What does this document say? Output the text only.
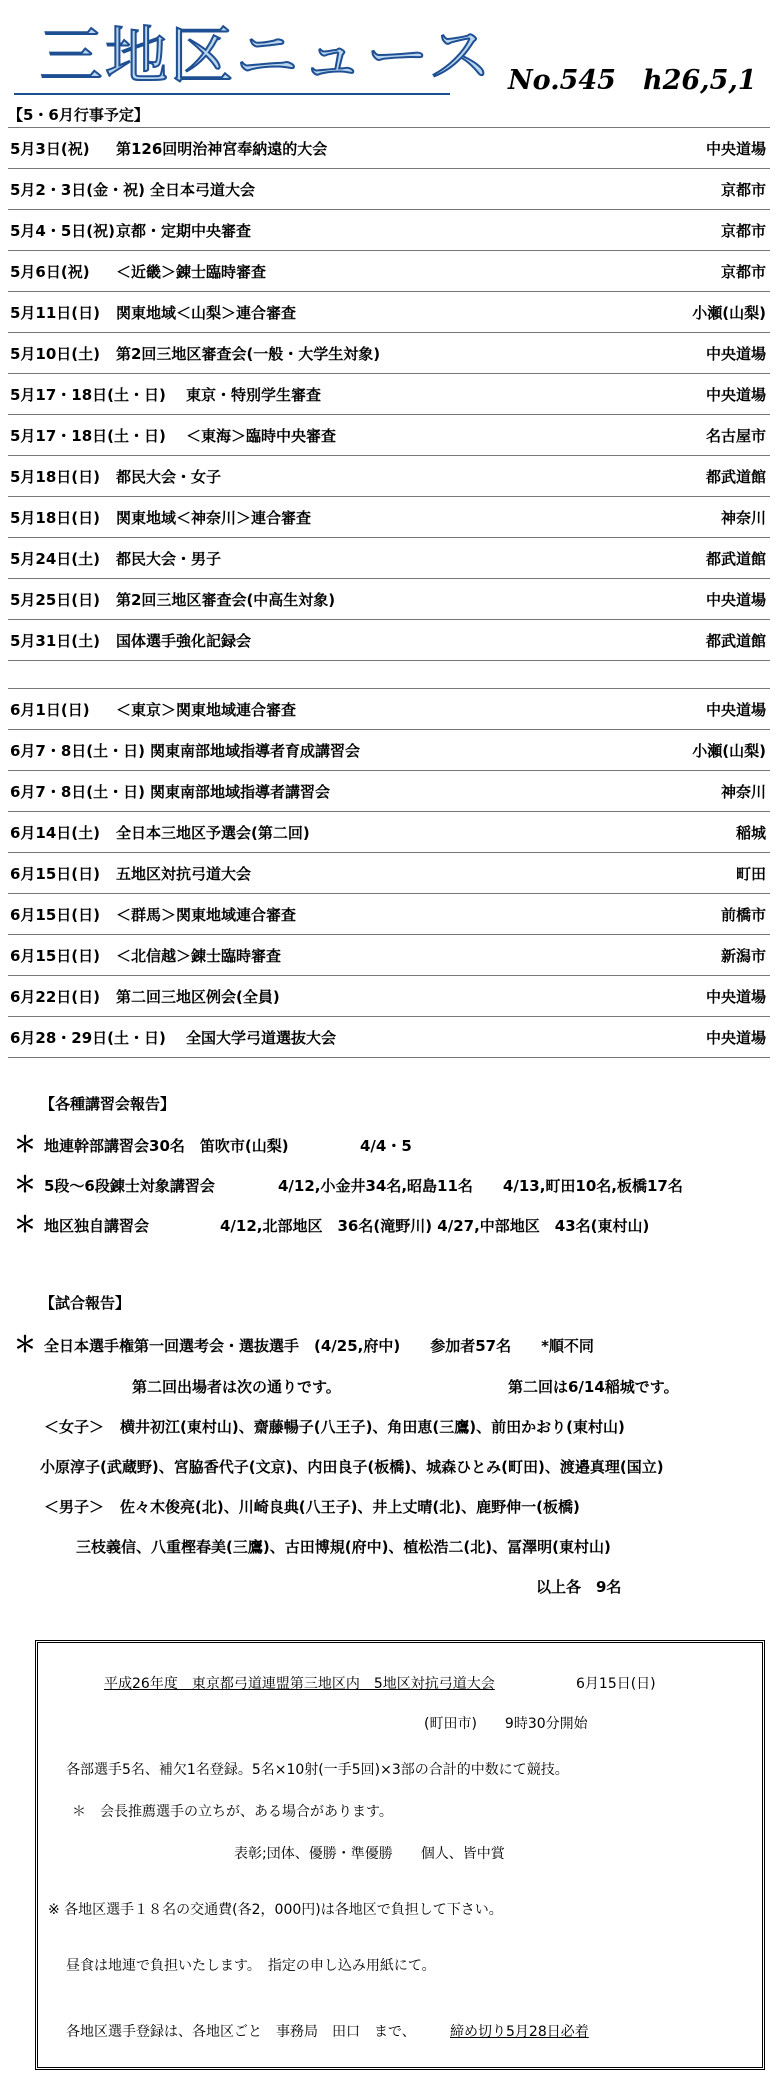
三地区ニュース No.545　h26,5,1
【5・6月行事予定】
5月3日(祝) 第126回明治神宮奉納遠的大会	中央道場
5月2・3日(金・祝) 全日本弓道大会	京都市
5月4・5日(祝) 京都・定期中央審査	京都市
5月6日(祝) ＜近畿＞錬士臨時審査	京都市
5月11日(日) 関東地域＜山梨＞連合審査	小瀬(山梨)
5月10日(土) 第2回三地区審査会(一般・大学生対象)	中央道場
5月17・18日(土・日) 東京・特別学生審査	中央道場
5月17・18日(土・日) ＜東海＞臨時中央審査	名古屋市
5月18日(日) 都民大会・女子	都武道館
5月18日(日) 関東地域＜神奈川＞連合審査	神奈川
5月24日(土) 都民大会・男子	都武道館
5月25日(日) 第2回三地区審査会(中高生対象)	中央道場
5月31日(土) 国体選手強化記録会	都武道館
6月1日(日) ＜東京＞関東地域連合審査	中央道場
6月7・8日(土・日) 関東南部地域指導者育成講習会	小瀬(山梨)
6月7・8日(土・日) 関東南部地域指導者講習会	神奈川
6月14日(土) 全日本三地区予選会(第二回)	稲城
6月15日(日) 五地区対抗弓道大会	町田
6月15日(日) ＜群馬＞関東地域連合審査	前橋市
6月15日(日) ＜北信越＞錬士臨時審査	新潟市
6月22日(日) 第二回三地区例会(全員)	中央道場
6月28・29日(土・日) 全国大学弓道選抜大会	中央道場
【各種講習会報告】
＊ 地連幹部講習会30名　笛吹市(山梨)	4/4・5
＊ 5段～6段錬士対象講習会	4/12,小金井34名,昭島11名　　4/13,町田10名,板橋17名
＊ 地区独自講習会	4/12,北部地区　36名(滝野川) 4/27,中部地区　43名(東村山)
【試合報告】
＊ 全日本選手権第一回選考会・選抜選手　(4/25,府中)　　参加者57名　　*順不同
第二回出場者は次の通りです。	第二回は6/14稲城です。
＜女子＞ 横井初江(東村山)、齋藤暢子(八王子)、角田恵(三鷹)、前田かおり(東村山)
小原淳子(武蔵野)、宮脇香代子(文京)、内田良子(板橋)、城森ひとみ(町田)、渡邉真理(国立)
＜男子＞ 佐々木俊亮(北)、川崎良典(八王子)、井上丈晴(北)、鹿野伸一(板橋)
三枝義信、八重樫春美(三鷹)、古田博規(府中)、植松浩二(北)、冨澤明(東村山)
以上各　9名
平成26年度　東京都弓道連盟第三地区内　5地区対抗弓道大会	6月15日(日)
(町田市)　　9時30分開始
各部選手5名、補欠1名登録。5名×10射(一手5回)×3部の合計的中数にて競技。
＊　会長推薦選手の立ちが、ある場合があります。
表彰;団体、優勝・準優勝　　個人、皆中賞
※ 各地区選手１８名の交通費(各2，000円)は各地区で負担して下さい。
昼食は地連で負担いたします。　指定の申し込み用紙にて。
各地区選手登録は、各地区ごと　事務局　田口　まで、 締め切り5月28日必着
